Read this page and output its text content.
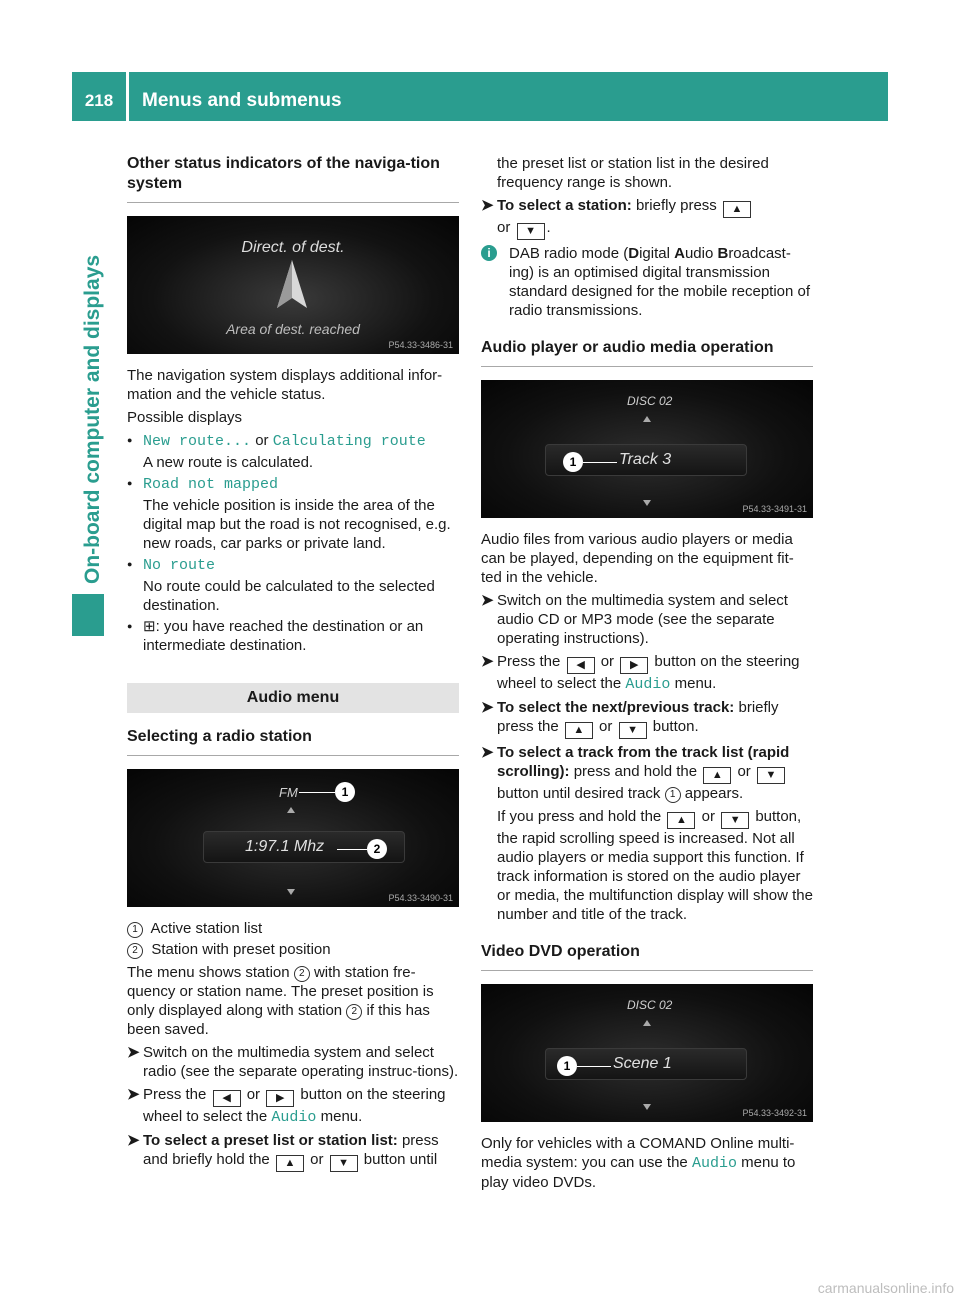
218	Menus and submenus
On-board computer and displays
Other status indicators of the naviga-tion system
Direct. of dest.
Area of dest. reached
P54.33-3486-31

The navigation system displays additional infor-mation and the vehicle status.

Possible displays

● New route... or Calculating route
A new route is calculated.
● Road not mapped
The vehicle position is inside the area of the digital map but the road is not recognised, e.g. new roads, car parks or private land.
● No route
No route could be calculated to the selected destination.
● ⊞: you have reached the destination or an intermediate destination.
Audio menu
Selecting a radio station
FM	1
1:97.1 Mhz	2
P54.33-3490-31

1 Active station list

2 Station with preset position

The menu shows station 2 with station fre-quency or station name. The preset position is only displayed along with station 2 if this has been saved.

➤ Switch on the multimedia system and select radio (see the separate operating instruc-tions).
➤ Press the ◀ or ▶ button on the steering wheel to select the Audio menu.
➤ To select a preset list or station list: press and briefly hold the ▲ or ▼ button until

the preset list or station list in the desired frequency range is shown.

➤ To select a station: briefly press ▲
or ▼ .
i	DAB radio mode (Digital Audio Broadcast-ing) is an optimised digital transmission standard designed for the mobile reception of radio transmissions.
Audio player or audio media operation
DISC 02
1	Track 3
P54.33-3491-31

Audio files from various audio players or media can be played, depending on the equipment fit-ted in the vehicle.

➤ Switch on the multimedia system and select audio CD or MP3 mode (see the separate operating instructions).
➤ Press the ◀ or ▶ button on the steering wheel to select the Audio menu.
➤ To select the next/previous track: briefly press the ▲ or ▼ button.
➤ To select a track from the track list (rapid scrolling): press and hold the ▲ or ▼ button until desired track 1 appears.
If you press and hold the ▲ or ▼ button, the rapid scrolling speed is increased. Not all audio players or media support this function. If track information is stored on the audio player or media, the multifunction display will show the number and title of the track.
Video DVD operation
DISC 02
1	Scene 1
P54.33-3492-31

Only for vehicles with a COMAND Online multi-media system: you can use the Audio menu to play video DVDs.

carmanualsonline.info
